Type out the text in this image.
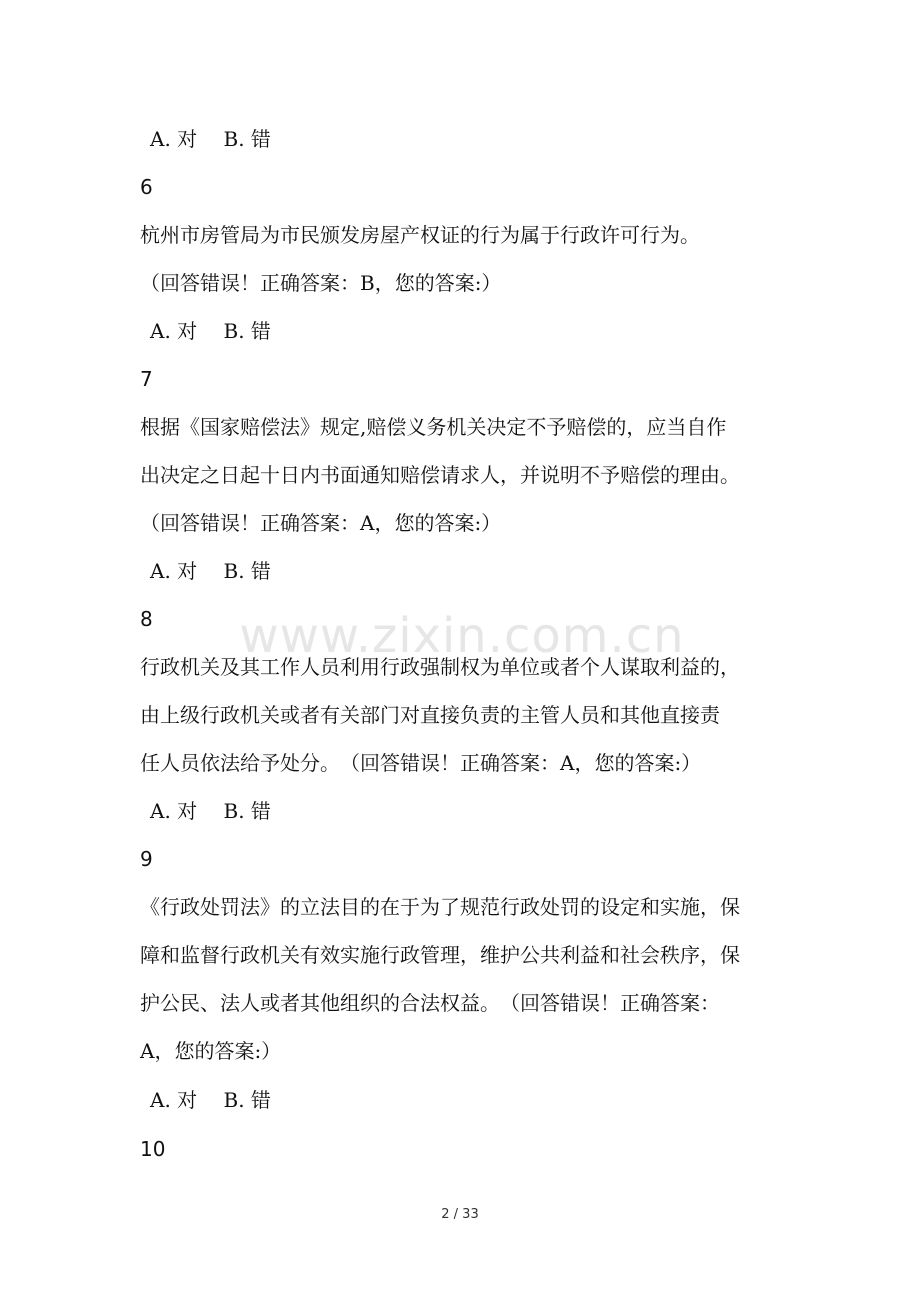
A. 对 　B. 错
6
杭州市房管局为市民颁发房屋产权证的行为属于行政许可行为。
（回答错误！正确答案：B，您的答案:）
A. 对 　B. 错
7
根据《国家赔偿法》规定,赔偿义务机关决定不予赔偿的，应当自作
出决定之日起十日内书面通知赔偿请求人，并说明不予赔偿的理由。
（回答错误！正确答案：A，您的答案:）
A. 对 　B. 错
www.zixin.com.cn
8
行政机关及其工作人员利用行政强制权为单位或者个人谋取利益的，
由上级行政机关或者有关部门对直接负责的主管人员和其他直接责
任人员依法给予处分。　（回答错误！正确答案：A，您的答案:）
A. 对 　B. 错
9
《行政处罚法》的立法目的在于为了规范行政处罚的设定和实施，保
障和监督行政机关有效实施行政管理，维护公共利益和社会秩序，保
护公民、法人或者其他组织的合法权益。　（回答错误！正确答案：
A，您的答案:）
A. 对 　B. 错
10
2 / 33
